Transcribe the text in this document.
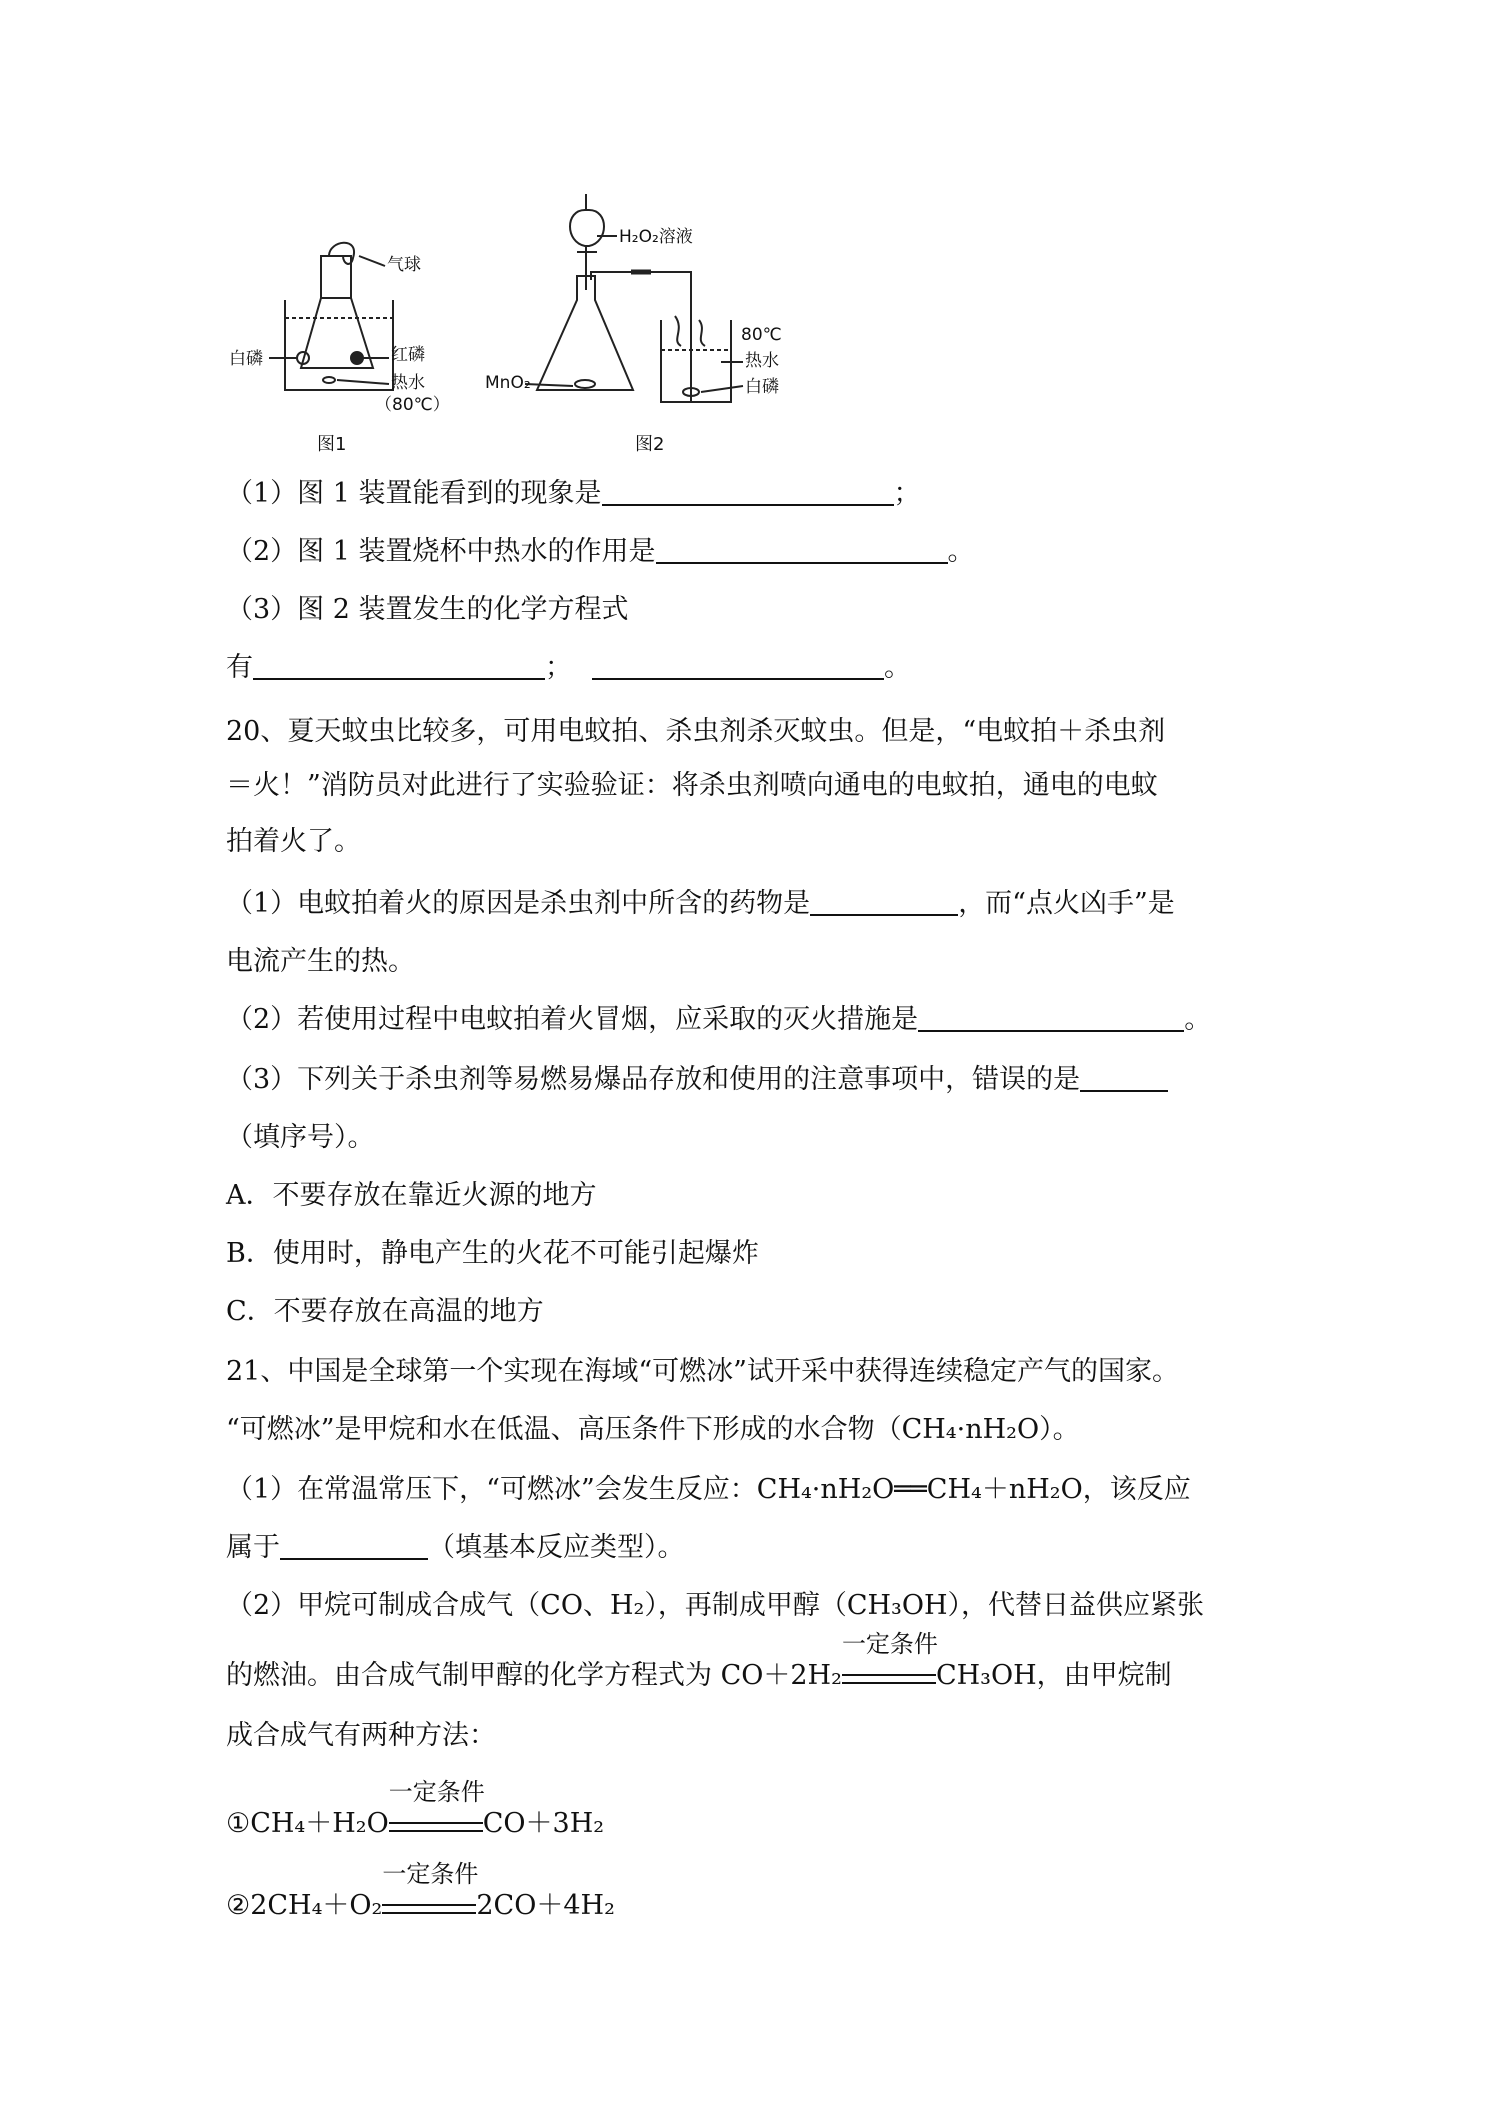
气球
白磷	红磷
热水
（80℃）
图1
H₂O₂溶液
MnO₂
80℃
热水
白磷
图2
（1）图 1 装置能看到的现象是	；
（2）图 1 装置烧杯中热水的作用是	。
（3）图 2 装置发生的化学方程式
有	；	。
20、夏天蚊虫比较多，可用电蚊拍、杀虫剂杀灭蚊虫。但是，“电蚊拍＋杀虫剂
＝火！”消防员对此进行了实验验证：将杀虫剂喷向通电的电蚊拍，通电的电蚊
拍着火了。
（1）电蚊拍着火的原因是杀虫剂中所含的药物是	，而“点火凶手”是
电流产生的热。
（2）若使用过程中电蚊拍着火冒烟，应采取的灭火措施是	。
（3）下列关于杀虫剂等易燃易爆品存放和使用的注意事项中，错误的是
（填序号）。
A．不要存放在靠近火源的地方
B．使用时，静电产生的火花不可能引起爆炸
C．不要存放在高温的地方
21、中国是全球第一个实现在海域“可燃冰”试开采中获得连续稳定产气的国家。
“可燃冰”是甲烷和水在低温、高压条件下形成的水合物（CH₄·nH₂O）。
（1）在常温常压下，“可燃冰”会发生反应：CH₄·nH₂O══CH₄＋nH₂O，该反应
属于	（填基本反应类型）。
（2）甲烷可制成合成气（CO、H₂），再制成甲醇（CH₃OH），代替日益供应紧张
的燃油。由合成气制甲醇的化学方程式为 CO＋2H₂
一定条件
CH₃OH，由甲烷制
成合成气有两种方法：
①CH₄＋H₂O
一定条件
CO＋3H₂
②2CH₄＋O₂
一定条件
2CO＋4H₂
